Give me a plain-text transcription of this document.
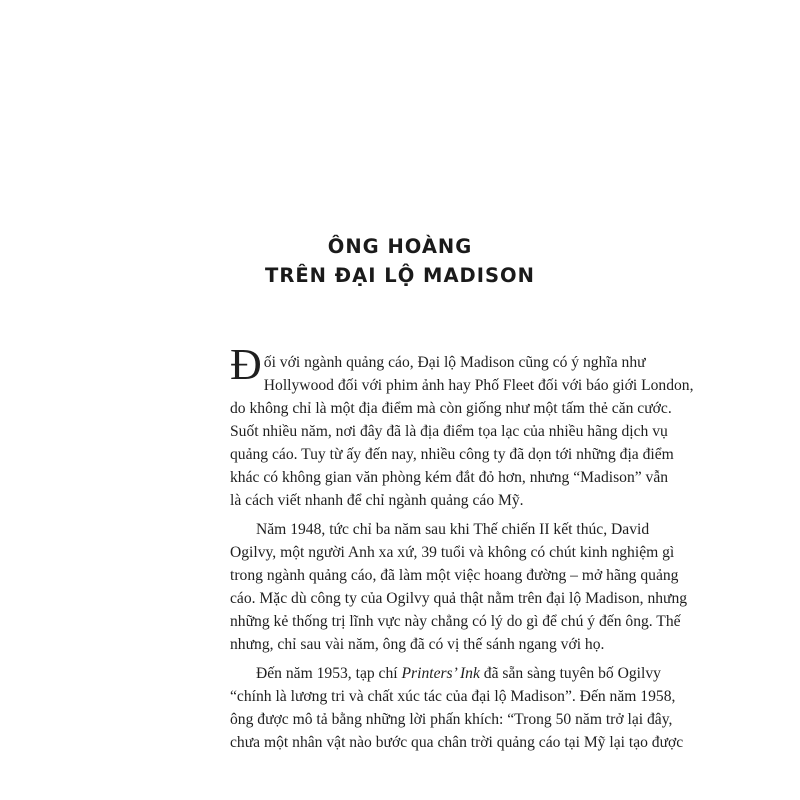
ÔNG HOÀNG
TRÊN ĐẠI LỘ MADISON
Đối với ngành quảng cáo, Đại lộ Madison cũng có ý nghĩa như
Hollywood đối với phim ảnh hay Phố Fleet đối với báo giới London,
do không chỉ là một địa điểm mà còn giống như một tấm thẻ căn cước.
Suốt nhiều năm, nơi đây đã là địa điểm tọa lạc của nhiều hãng dịch vụ
quảng cáo. Tuy từ ấy đến nay, nhiều công ty đã dọn tới những địa điểm
khác có không gian văn phòng kém đắt đỏ hơn, nhưng “Madison” vẫn
là cách viết nhanh để chỉ ngành quảng cáo Mỹ.
Năm 1948, tức chỉ ba năm sau khi Thế chiến II kết thúc, David
Ogilvy, một người Anh xa xứ, 39 tuổi và không có chút kinh nghiệm gì
trong ngành quảng cáo, đã làm một việc hoang đường – mở hãng quảng
cáo. Mặc dù công ty của Ogilvy quả thật nằm trên đại lộ Madison, nhưng
những kẻ thống trị lĩnh vực này chẳng có lý do gì để chú ý đến ông. Thế
nhưng, chỉ sau vài năm, ông đã có vị thế sánh ngang với họ.
Đến năm 1953, tạp chí Printers’ Ink đã sẵn sàng tuyên bố Ogilvy
“chính là lương tri và chất xúc tác của đại lộ Madison”. Đến năm 1958,
ông được mô tả bằng những lời phấn khích: “Trong 50 năm trở lại đây,
chưa một nhân vật nào bước qua chân trời quảng cáo tại Mỹ lại tạo được
